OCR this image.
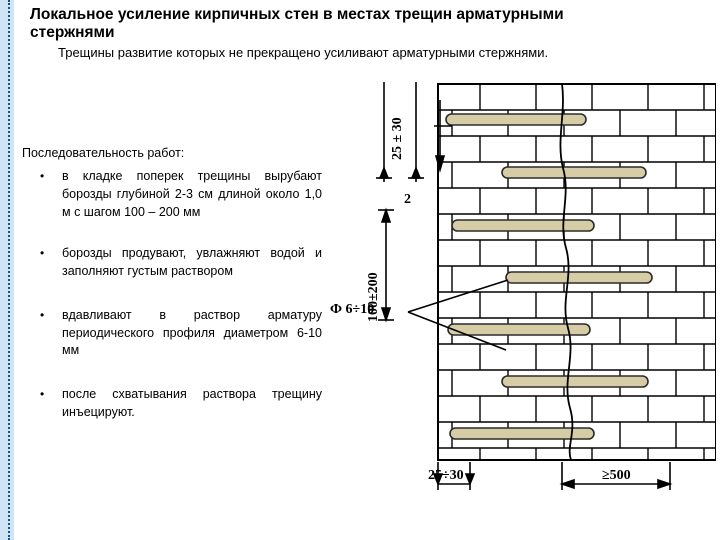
Локальное усиление кирпичных стен в местах трещин арматурными стержнями
Трещины развитие которых не прекращено усиливают арматурными стержнями.
Последовательность работ:
• в кладке поперек трещины вырубают борозды глубиной 2-3 см длиной около 1,0 м с шагом 100 – 200 мм
• борозды продувают, увлажняют водой и заполняют густым раствором
• вдавливают в раствор арматуру периодического профиля диаметром 6-10 мм
• после схватывания раствора трещину инъецируют.
25 ± 30
2
100±200
Ф 6÷10
25÷30	≥500
